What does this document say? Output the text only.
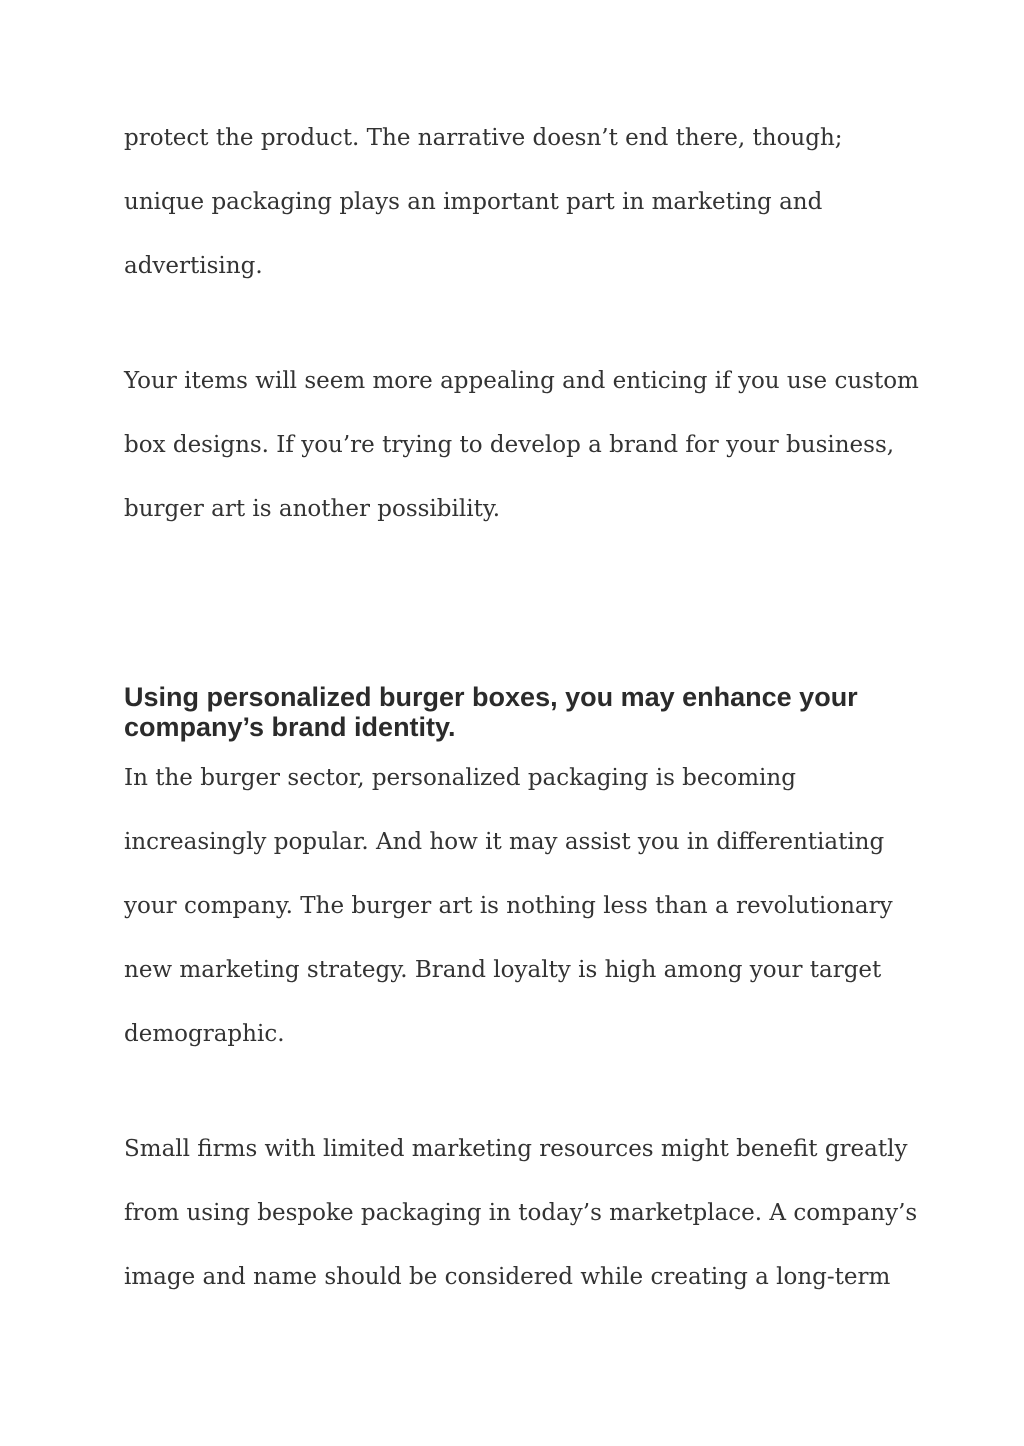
protect the product. The narrative doesn’t end there, though;

unique packaging plays an important part in marketing and

advertising.

Your items will seem more appealing and enticing if you use custom

box designs. If you’re trying to develop a brand for your business,

burger art is another possibility.

Using personalized burger boxes, you may enhance your
company’s brand identity.

In the burger sector, personalized packaging is becoming

increasingly popular. And how it may assist you in differentiating

your company. The burger art is nothing less than a revolutionary

new marketing strategy. Brand loyalty is high among your target

demographic.

Small firms with limited marketing resources might benefit greatly

from using bespoke packaging in today’s marketplace. A company’s

image and name should be considered while creating a long-term
